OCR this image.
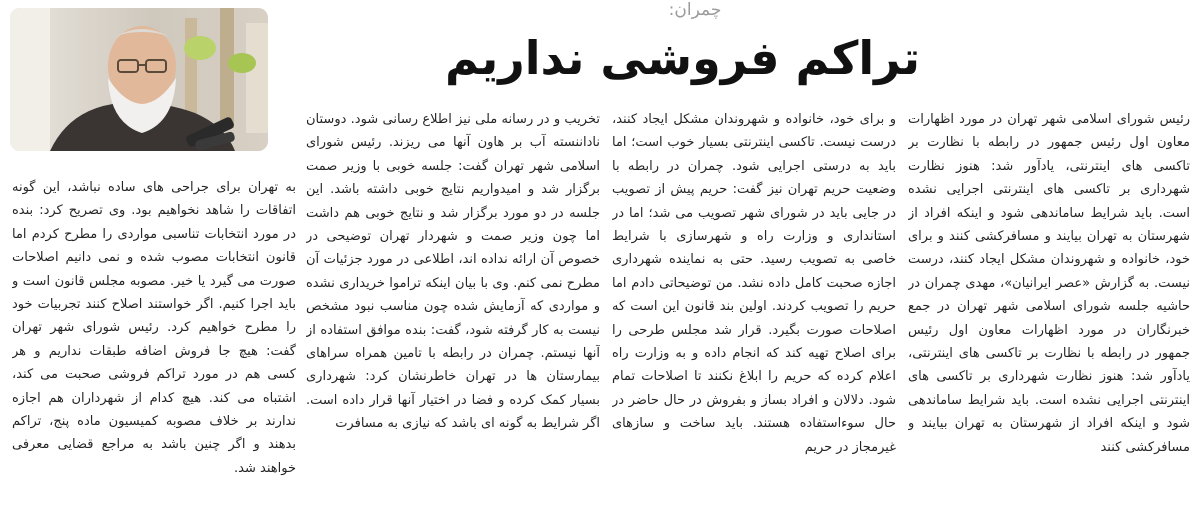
چمران:
تراکم فروشی نداریم

رئیس شورای اسلامی شهر تهران در مورد اظهارات معاون اول رئیس جمهور در رابطه با نظارت بر تاکسی های اینترنتی، یادآور شد: هنوز نظارت شهرداری بر تاکسی های اینترنتی اجرایی نشده است. باید شرایط ساماندهی شود و اینکه افراد از شهرستان به تهران بیایند و مسافرکشی کنند و برای خود، خانواده و شهروندان مشکل ایجاد کنند، درست نیست. به گزارش «عصر ایرانیان»، مهدی چمران در حاشیه جلسه شورای اسلامی شهر تهران در جمع خبرنگاران در مورد اظهارات معاون اول رئیس جمهور در رابطه با نظارت بر تاکسی های اینترنتی، یادآور شد: هنوز نظارت شهرداری بر تاکسی های اینترنتی اجرایی نشده است. باید شرایط ساماندهی شود و اینکه افراد از شهرستان به تهران بیایند و مسافرکشی کنند

و برای خود، خانواده و شهروندان مشکل ایجاد کنند، درست نیست. تاکسی اینترنتی بسیار خوب است؛ اما باید به درستی اجرایی شود. چمران در رابطه با وضعیت حریم تهران نیز گفت: حریم پیش از تصویب در جایی باید در شورای شهر تصویب می شد؛ اما در استانداری و وزارت راه و شهرسازی با شرایط خاصی به تصویب رسید. حتی به نماینده شهرداری اجازه صحبت کامل داده نشد. من توضیحاتی دادم اما حریم را تصویب کردند. اولین بند قانون این است که اصلاحات صورت بگیرد. قرار شد مجلس طرحی را برای اصلاح تهیه کند که انجام داده و به وزارت راه اعلام کرده که حریم را ابلاغ نکنند تا اصلاحات تمام شود. دلالان و افراد بساز و بفروش در حال حاضر در حال سوءاستفاده هستند. باید ساخت و سازهای غیرمجاز در حریم

تخریب و در رسانه ملی نیز اطلاع رسانی شود. دوستان ناداننسته آب بر هاون آنها می ریزند. رئیس شورای اسلامی شهر تهران گفت: جلسه خوبی با وزیر صمت برگزار شد و امیدواریم نتایج خوبی داشته باشد. این جلسه در دو مورد برگزار شد و نتایج خوبی هم داشت اما چون وزیر صمت و شهردار تهران توضیحی در خصوص آن ارائه نداده اند، اطلاعی در مورد جزئیات آن مطرح نمی کنم. وی با بیان اینکه تراموا خریداری نشده و مواردی که آزمایش شده چون مناسب نبود مشخص نیست به کار گرفته شود، گفت: بنده موافق استفاده از آنها نیستم. چمران در رابطه با تامین همراه سراهای بیمارستان ها در تهران خاطرنشان کرد: شهرداری بسیار کمک کرده و فضا در اختیار آنها قرار داده است. اگر شرایط به گونه ای باشد که نیازی به مسافرت

به تهران برای جراحی های ساده نباشد، این گونه اتفاقات را شاهد نخواهیم بود. وی تصریح کرد: بنده در مورد انتخابات تناسبی مواردی را مطرح کردم اما قانون انتخابات مصوب شده و نمی دانیم اصلاحات صورت می گیرد یا خیر. مصوبه مجلس قانون است و باید اجرا کنیم. اگر خواستند اصلاح کنند تجربیات خود را مطرح خواهیم کرد. رئیس شورای شهر تهران گفت: هیچ جا فروش اضافه طبقات نداریم و هر کسی هم در مورد تراکم فروشی صحبت می کند، اشتباه می کند. هیچ کدام از شهرداران هم اجازه ندارند بر خلاف مصوبه کمیسیون ماده پنج، تراکم بدهند و اگر چنین باشد به مراجع قضایی معرفی خواهند شد.
